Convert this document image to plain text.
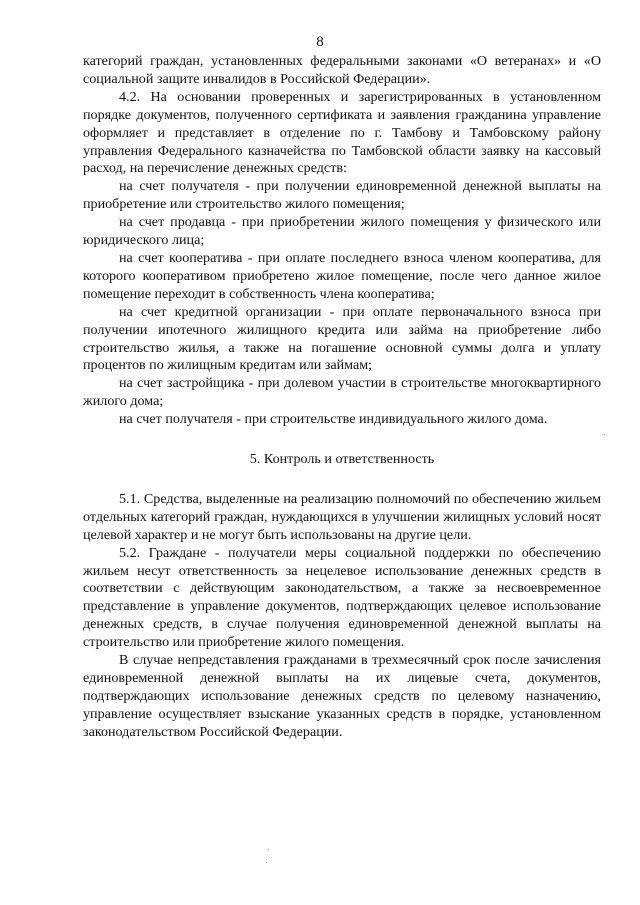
8

категорий граждан, установленных федеральными законами «О ветеранах» и «О социальной защите инвалидов в Российской Федерации».

4.2. На основании проверенных и зарегистрированных в установленном порядке документов, полученного сертификата и заявления гражданина управление оформляет и представляет в отделение по г. Тамбову и Тамбовскому району управления Федерального казначейства по Тамбовской области заявку на кассовый расход, на перечисление денежных средств:

на счет получателя - при получении единовременной денежной выплаты на приобретение или строительство жилого помещения;

на счет продавца - при приобретении жилого помещения у физического или юридического лица;

на счет кооператива - при оплате последнего взноса членом кооператива, для которого кооперативом приобретено жилое помещение, после чего данное жилое помещение переходит в собственность члена кооператива;

на счет кредитной организации - при оплате первоначального взноса при получении ипотечного жилищного кредита или займа на приобретение либо строительство жилья, а также на погашение основной суммы долга и уплату процентов по жилищным кредитам или займам;

на счет застройщика - при долевом участии в строительстве многоквартирного жилого дома;

на счет получателя - при строительстве индивидуального жилого дома.

5. Контроль и ответственность

5.1. Средства, выделенные на реализацию полномочий по обеспечению жильем отдельных категорий граждан, нуждающихся в улучшении жилищных условий носят целевой характер и не могут быть использованы на другие цели.

5.2. Граждане - получатели меры социальной поддержки по обеспечению жильем несут ответственность за нецелевое использование денежных средств в соответствии с действующим законодательством, а также за несвоевременное представление в управление документов, подтверждающих целевое использование денежных средств, в случае получения единовременной денежной выплаты на строительство или приобретение жилого помещения.

В случае непредставления гражданами в трехмесячный срок после зачисления единовременной денежной выплаты на их лицевые счета, документов, подтверждающих использование денежных средств по целевому назначению, управление осуществляет взыскание указанных средств в порядке, установленном законодательством Российской Федерации.
